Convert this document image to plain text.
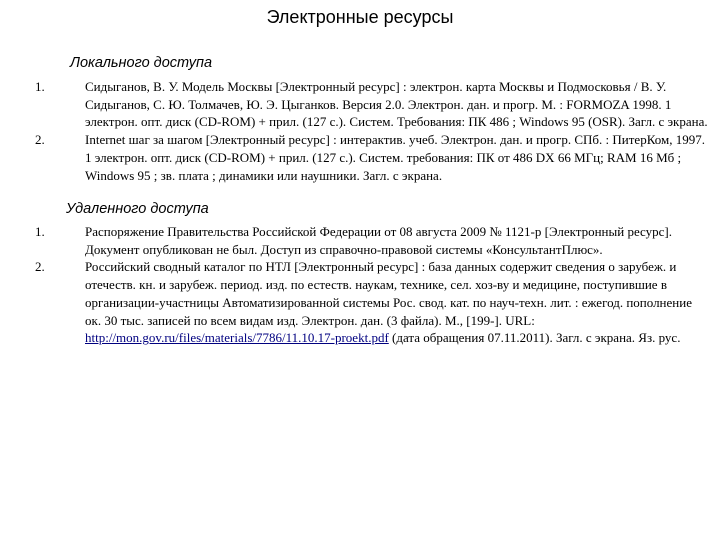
Электронные ресурсы
Локального доступа
1.	Сидыганов, В. У. Модель Москвы [Электронный ресурс] : электрон. карта Москвы и Подмосковья / В. У. Сидыганов, С. Ю. Толмачев, Ю. Э. Цыганков. Версия 2.0. Электрон. дан. и прогр. М. : FORMOZA 1998. 1 электрон. опт. диск (CD-ROM) + прил. (127 с.). Систем. Требования: ПК 486 ; Windows 95 (OSR). Загл. с экрана.
2.	Internet шаг за шагом [Электронный ресурс] : интерактив. учеб. Электрон. дан. и прогр. СПб. : ПитерКом, 1997. 1 электрон. опт. диск (CD-ROM) + прил. (127 с.). Систем. требования: ПК от 486 DX 66 МГц; RAM 16 Мб ; Windows 95 ; зв. плата ; динамики или наушники. Загл. с экрана.
Удаленного доступа
1.	Распоряжение Правительства Российской Федерации от 08 августа 2009 № 1121-р [Электронный ресурс]. Документ опубликован не был. Доступ из справочно-правовой системы «КонсультантПлюс».
2.	Российский сводный каталог по НТЛ [Электронный ресурс] : база данных содержит сведения о зарубеж. и отечеств. кн. и зарубеж. период. изд. по естеств. наукам, технике, сел. хоз-ву и медицине, поступившие в организации-участницы Автоматизированной системы Рос. свод. кат. по науч-техн. лит. : ежегод. пополнение ок. 30 тыс. записей по всем видам изд. Электрон. дан. (3 файла). М., [199-]. URL: http://mon.gov.ru/files/materials/7786/11.10.17-proekt.pdf (дата обращения 07.11.2011). Загл. с экрана. Яз. рус.
